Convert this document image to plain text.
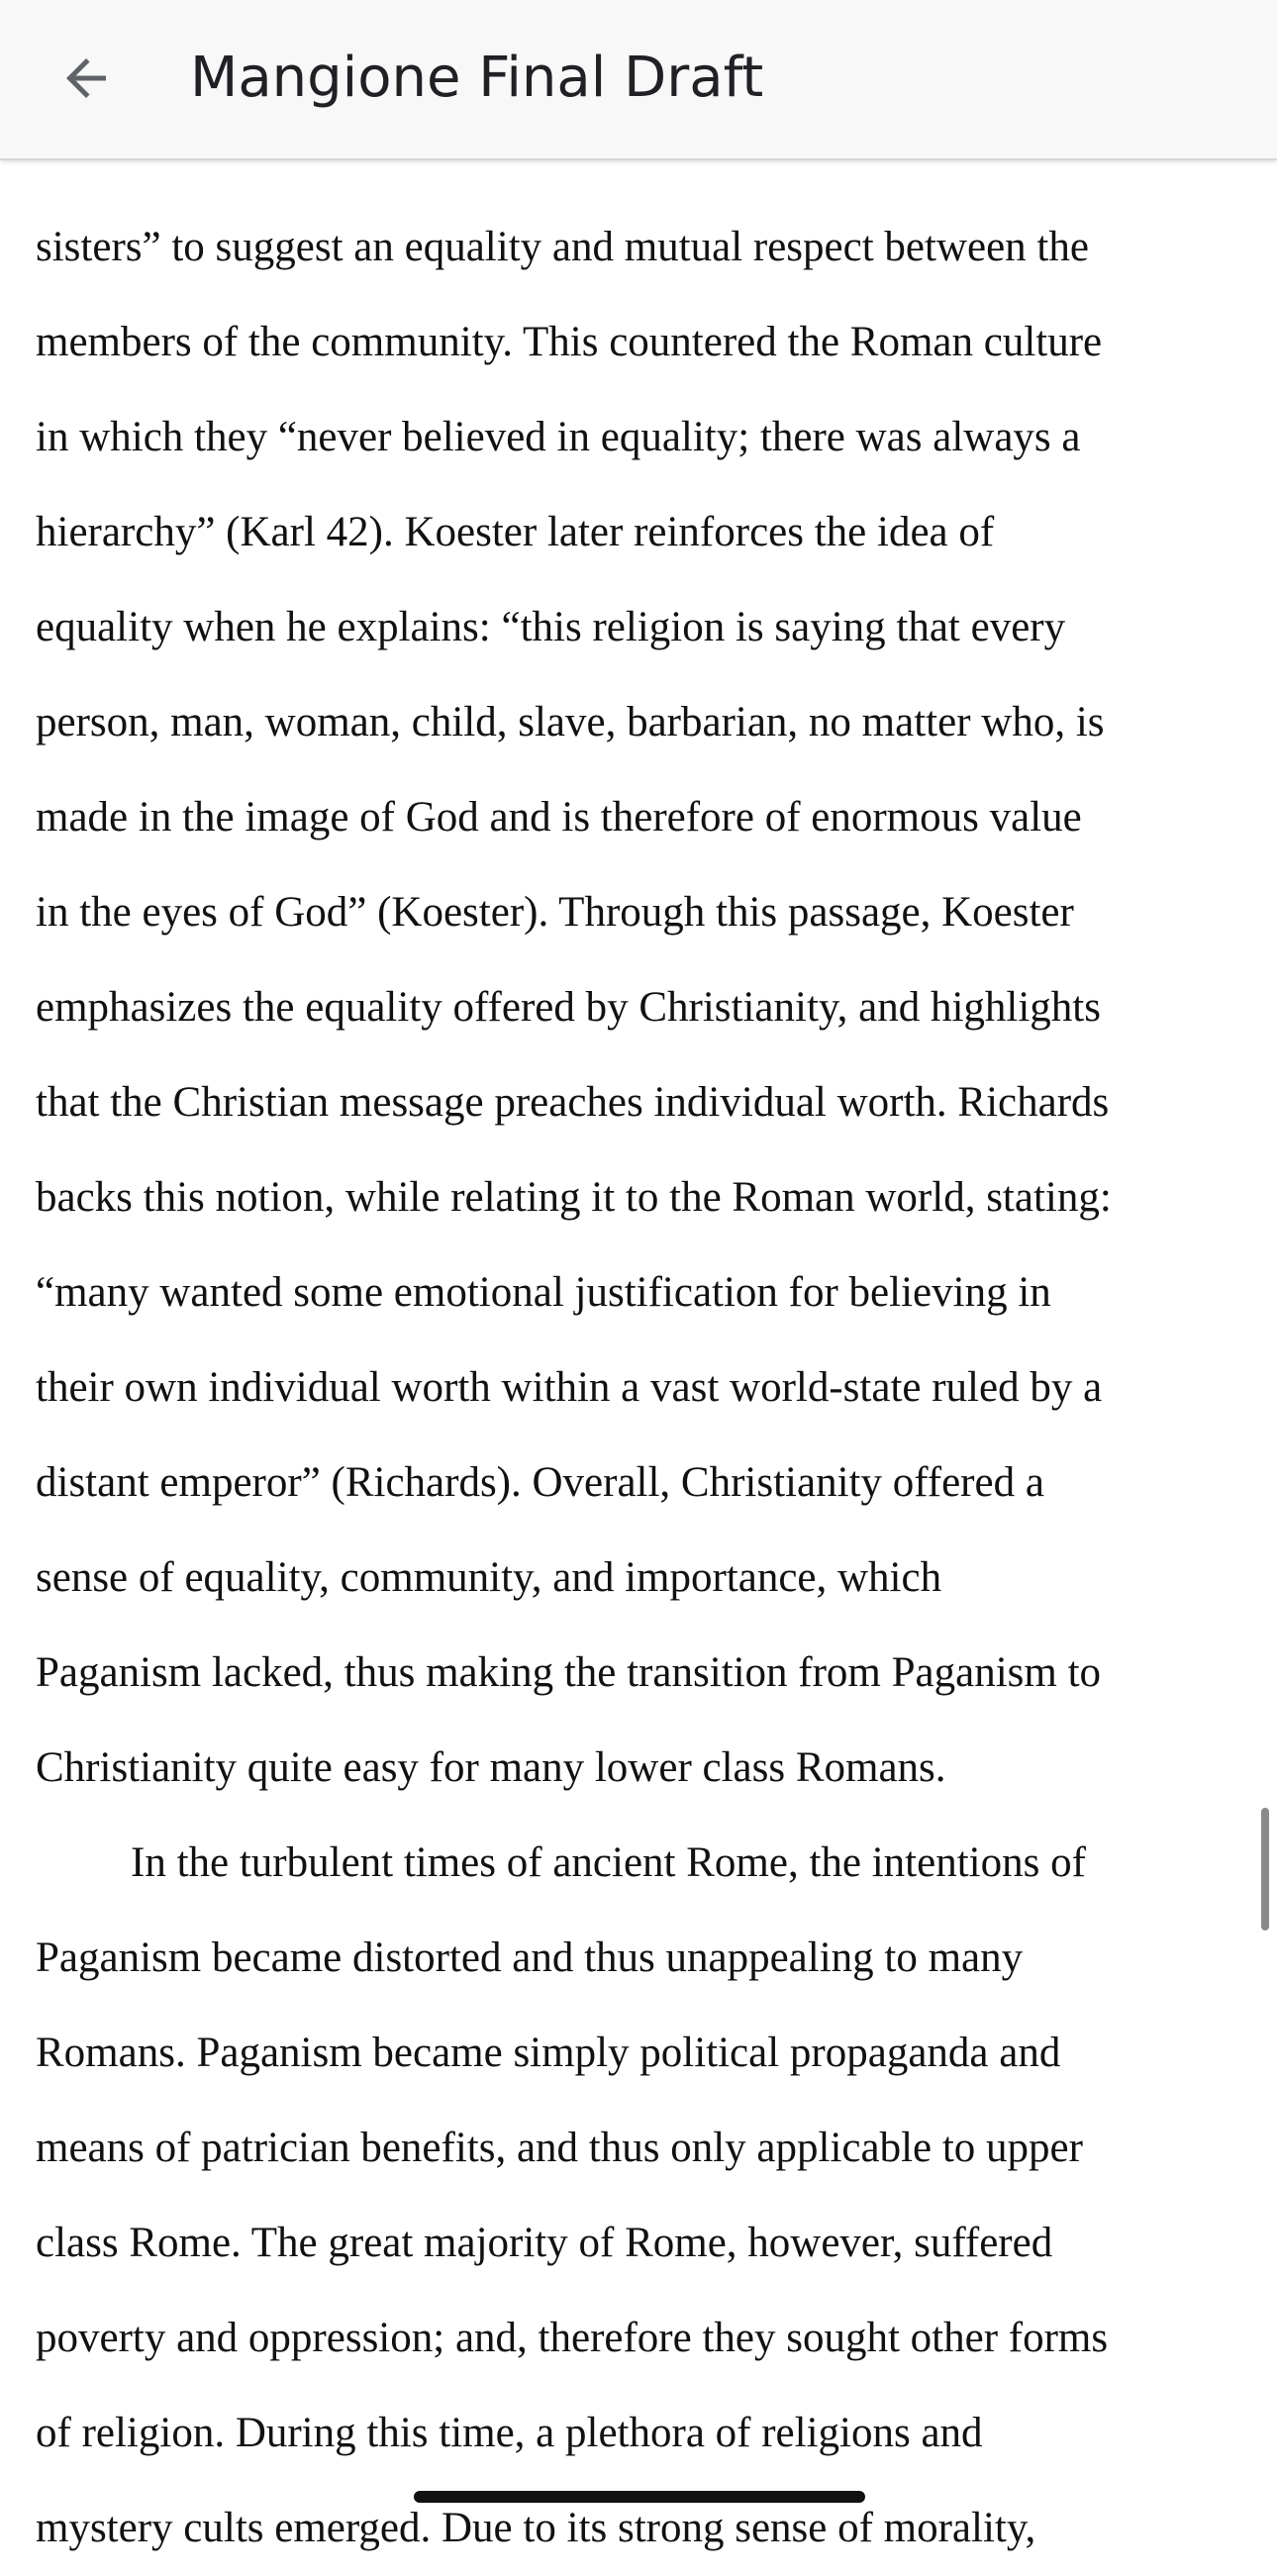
Mangione Final Draft
sisters” to suggest an equality and mutual respect between the
members of the community. This countered the Roman culture
in which they “never believed in equality; there was always a
hierarchy” (Karl 42). Koester later reinforces the idea of
equality when he explains: “this religion is saying that every
person, man, woman, child, slave, barbarian, no matter who, is
made in the image of God and is therefore of enormous value
in the eyes of God” (Koester). Through this passage, Koester
emphasizes the equality offered by Christianity, and highlights
that the Christian message preaches individual worth. Richards
backs this notion, while relating it to the Roman world, stating:
“many wanted some emotional justification for believing in
their own individual worth within a vast world-state ruled by a
distant emperor” (Richards). Overall, Christianity offered a
sense of equality, community, and importance, which
Paganism lacked, thus making the transition from Paganism to
Christianity quite easy for many lower class Romans.
In the turbulent times of ancient Rome, the intentions of
Paganism became distorted and thus unappealing to many
Romans. Paganism became simply political propaganda and
means of patrician benefits, and thus only applicable to upper
class Rome. The great majority of Rome, however, suffered
poverty and oppression; and, therefore they sought other forms
of religion. During this time, a plethora of religions and
mystery cults emerged. Due to its strong sense of morality,
